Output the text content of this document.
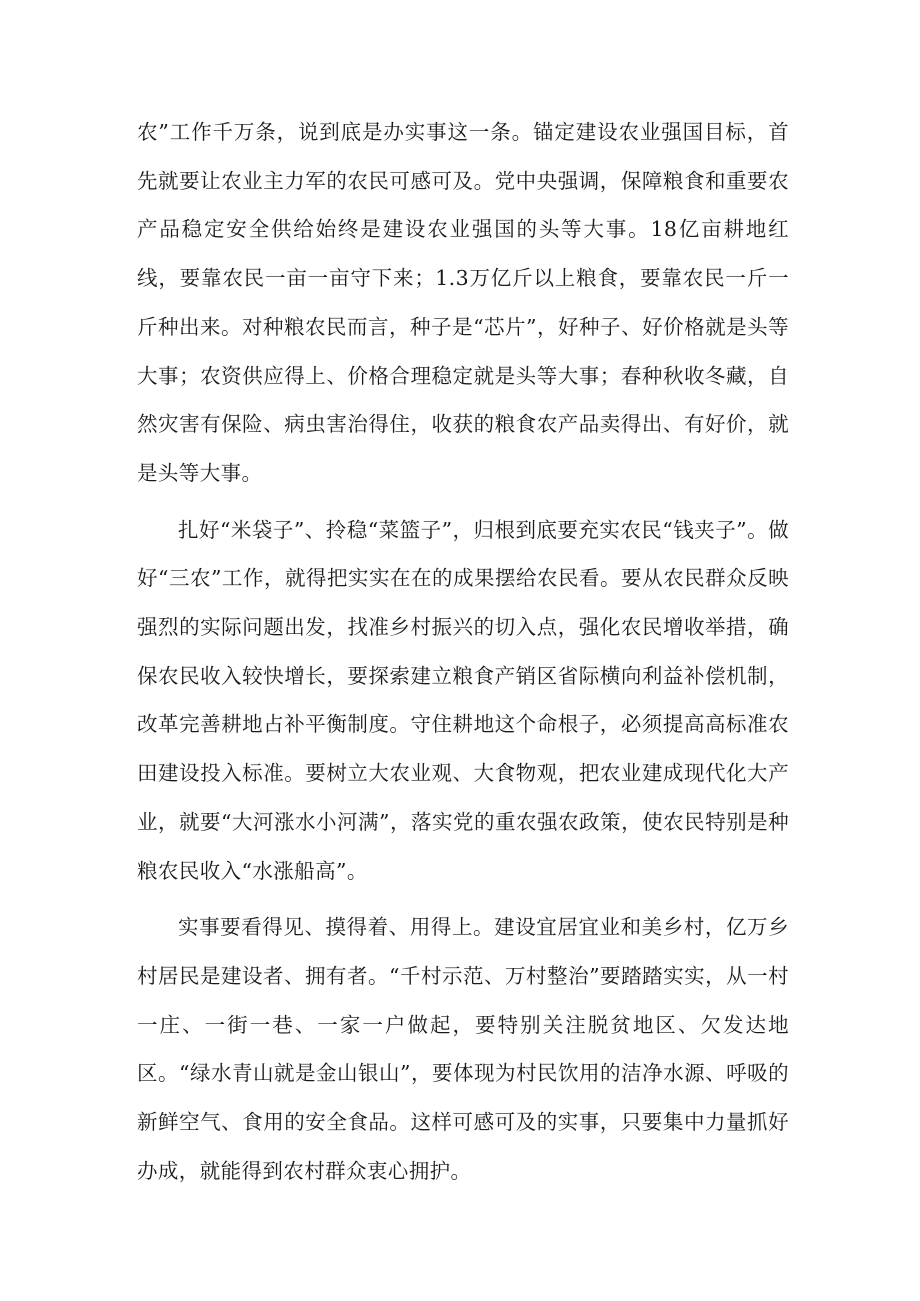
农”工作千万条，说到底是办实事这一条。锚定建设农业强国目标，首先就要让农业主力军的农民可感可及。党中央强调，保障粮食和重要农产品稳定安全供给始终是建设农业强国的头等大事。18亿亩耕地红线，要靠农民一亩一亩守下来；1.3万亿斤以上粮食，要靠农民一斤一斤种出来。对种粮农民而言，种子是“芯片”，好种子、好价格就是头等大事；农资供应得上、价格合理稳定就是头等大事；春种秋收冬藏，自然灾害有保险、病虫害治得住，收获的粮食农产品卖得出、有好价，就是头等大事。

扎好“米袋子”、拎稳“菜篮子”，归根到底要充实农民“钱夹子”。做好“三农”工作，就得把实实在在的成果摆给农民看。要从农民群众反映强烈的实际问题出发，找准乡村振兴的切入点，强化农民增收举措，确保农民收入较快增长，要探索建立粮食产销区省际横向利益补偿机制，改革完善耕地占补平衡制度。守住耕地这个命根子，必须提高高标准农田建设投入标准。要树立大农业观、大食物观，把农业建成现代化大产业，就要“大河涨水小河满”，落实党的重农强农政策，使农民特别是种粮农民收入“水涨船高”。

实事要看得见、摸得着、用得上。建设宜居宜业和美乡村，亿万乡村居民是建设者、拥有者。“千村示范、万村整治”要踏踏实实，从一村一庄、一街一巷、一家一户做起，要特别关注脱贫地区、欠发达地区。“绿水青山就是金山银山”，要体现为村民饮用的洁净水源、呼吸的新鲜空气、食用的安全食品。这样可感可及的实事，只要集中力量抓好办成，就能得到农村群众衷心拥护。
